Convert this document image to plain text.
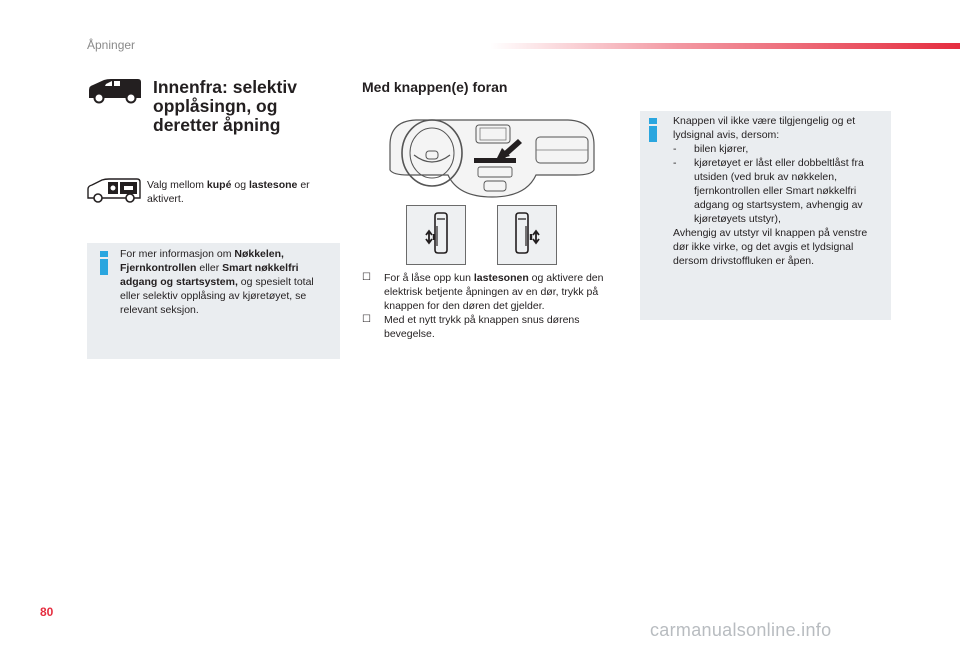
Åpninger
Innenfra: selektiv opplåsingn, og deretter åpning
Valg mellom kupé og lastesone er aktivert.
For mer informasjon om Nøkkelen, Fjernkontrollen eller Smart nøkkelfri adgang og startsystem, og spesielt total eller selektiv opplåsing av kjøretøyet, se relevant seksjon.
Med knappen(e) foran
☐ For å låse opp kun lastesonen og aktivere den elektrisk betjente åpningen av en dør, trykk på knappen for den døren det gjelder.
☐ Med et nytt trykk på knappen snus dørens bevegelse.
Knappen vil ikke være tilgjengelig og et lydsignal avis, dersom:
- bilen kjører,
- kjøretøyet er låst eller dobbeltlåst fra utsiden (ved bruk av nøkkelen, fjernkontrollen eller Smart nøkkelfri adgang og startsystem, avhengig av kjøretøyets utstyr),
Avhengig av utstyr vil knappen på venstre dør ikke virke, og det avgis et lydsignal dersom drivstoffluken er åpen.
80
carmanualsonline.info
